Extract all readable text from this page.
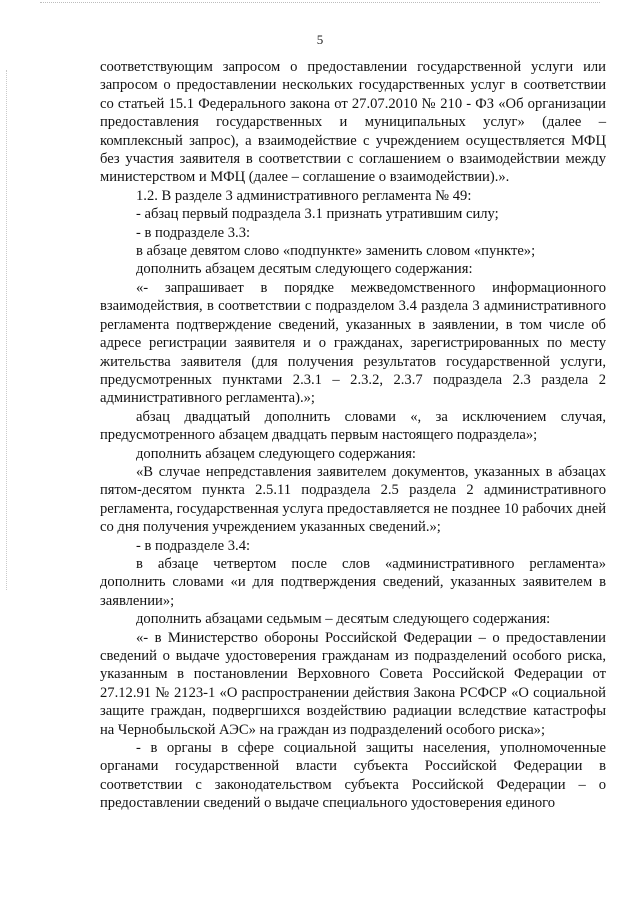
5

соответствующим запросом о предоставлении государственной услуги или запросом о предоставлении нескольких государственных услуг в соответствии со статьей 15.1 Федерального закона от 27.07.2010 № 210 - ФЗ «Об организации предоставления государственных и муниципальных услуг» (далее – комплексный запрос), а взаимодействие с учреждением осуществляется МФЦ без участия заявителя в соответствии с соглашением о взаимодействии между министерством и МФЦ (далее – соглашение о взаимодействии).».

1.2. В разделе 3 административного регламента № 49:

- абзац первый подраздела 3.1 признать утратившим силу;

- в подразделе 3.3:

в абзаце девятом слово «подпункте» заменить словом «пункте»;

дополнить абзацем десятым следующего содержания:

«- запрашивает в порядке межведомственного информационного взаимодействия, в соответствии с подразделом 3.4 раздела 3 административного регламента подтверждение сведений, указанных в заявлении, в том числе об адресе регистрации заявителя и о гражданах, зарегистрированных по месту жительства заявителя (для получения результатов государственной услуги, предусмотренных пунктами 2.3.1 – 2.3.2, 2.3.7 подраздела 2.3 раздела 2 административного регламента).»;

абзац двадцатый дополнить словами «, за исключением случая, предусмотренного абзацем двадцать первым настоящего подраздела»;

дополнить абзацем следующего содержания:

«В случае непредставления заявителем документов, указанных в абзацах пятом-десятом пункта 2.5.11 подраздела 2.5 раздела 2 административного регламента, государственная услуга предоставляется не позднее 10 рабочих дней со дня получения учреждением указанных сведений.»;

- в подразделе 3.4:

в абзаце четвертом после слов «административного регламента» дополнить словами «и для подтверждения сведений, указанных заявителем в заявлении»;

дополнить абзацами седьмым – десятым следующего содержания:

«- в Министерство обороны Российской Федерации – о предоставлении сведений о выдаче удостоверения гражданам из подразделений особого риска, указанным в постановлении Верховного Совета Российской Федерации от 27.12.91 № 2123-1 «О распространении действия Закона РСФСР «О социальной защите граждан, подвергшихся воздействию радиации вследствие катастрофы на Чернобыльской АЭС» на граждан из подразделений особого риска»;

- в органы в сфере социальной защиты населения, уполномоченные органами государственной власти субъекта Российской Федерации в соответствии с законодательством субъекта Российской Федерации – о предоставлении сведений о выдаче специального удостоверения единого
